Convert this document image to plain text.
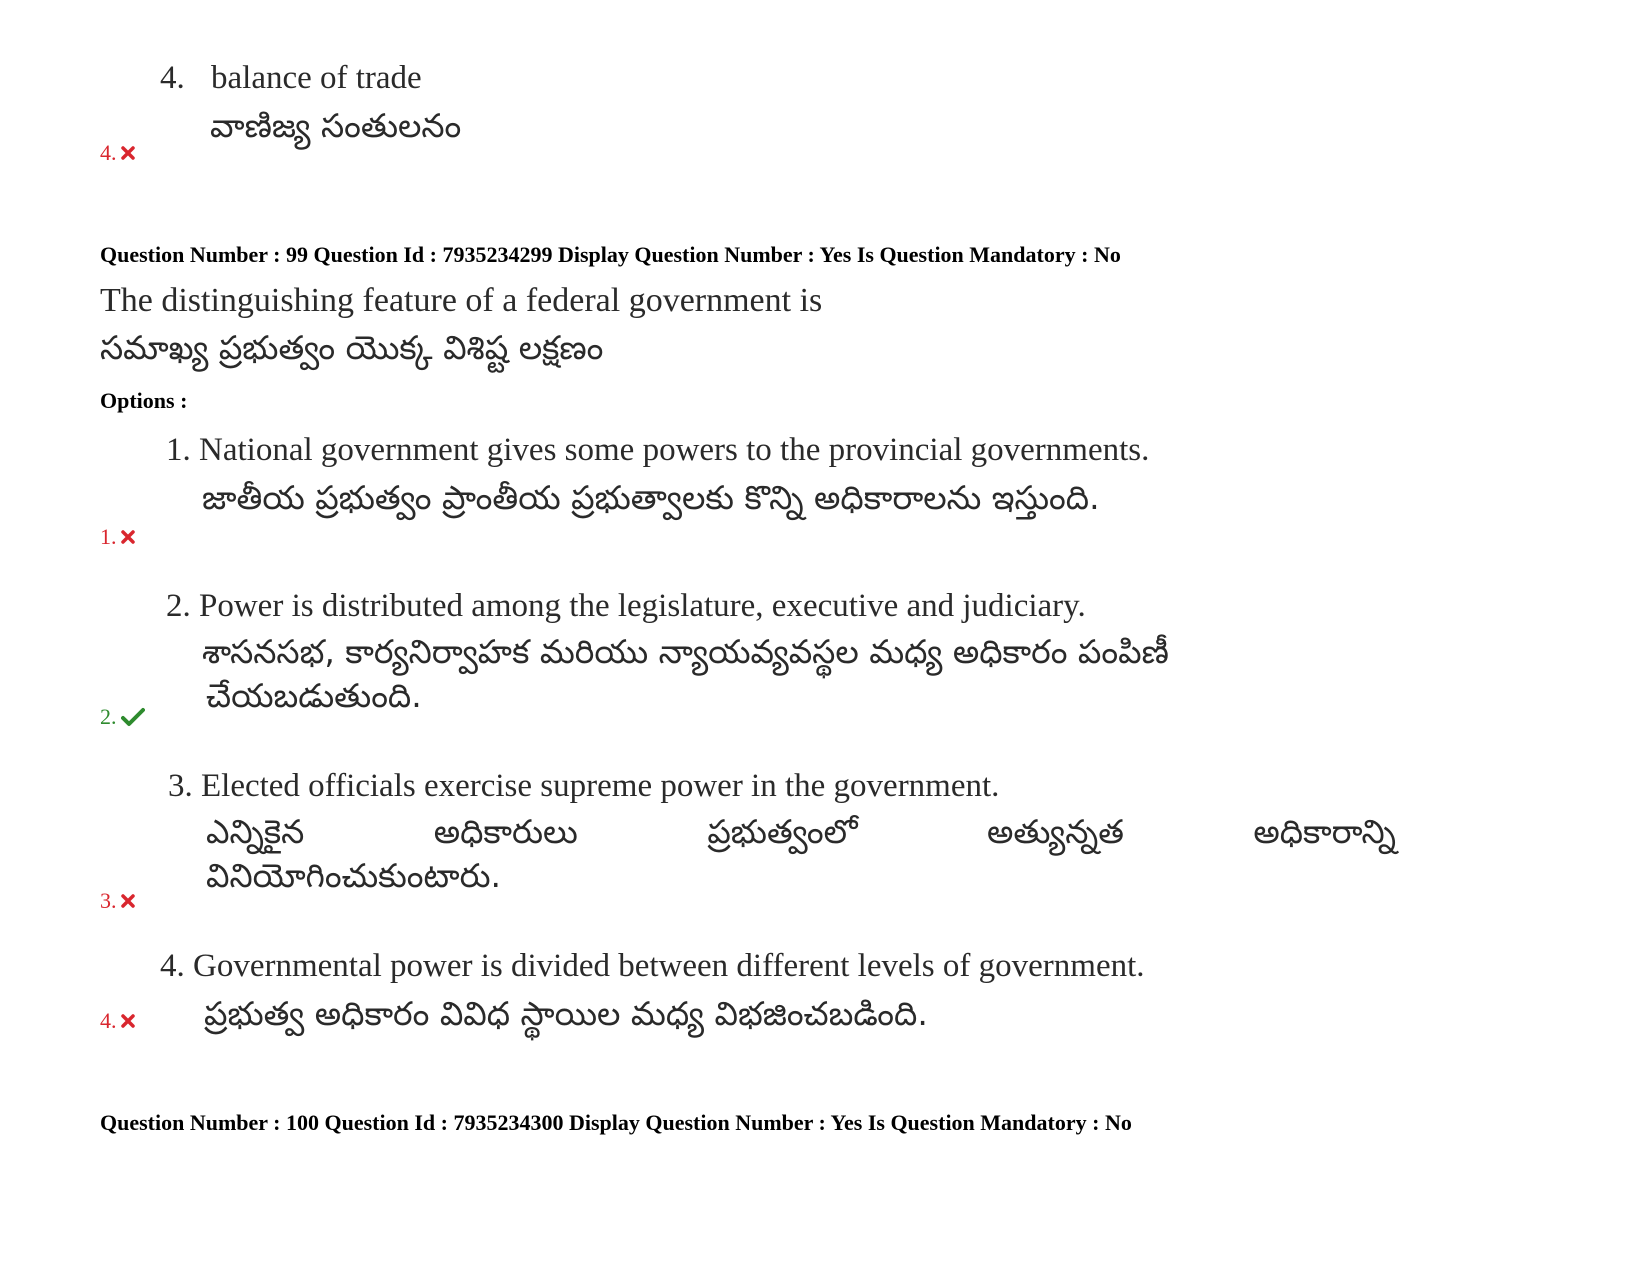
4. balance of trade
వాణిజ్య సంతులనం
4.
Question Number : 99 Question Id : 7935234299 Display Question Number : Yes Is Question Mandatory : No
The distinguishing feature of a federal government is
సమాఖ్య ప్రభుత్వం యొక్క విశిష్ట లక్షణం
Options :
1. National government gives some powers to the provincial governments.
జాతీయ ప్రభుత్వం ప్రాంతీయ ప్రభుత్వాలకు కొన్ని అధికారాలను ఇస్తుంది.
1.
2. Power is distributed among the legislature, executive and judiciary.
శాసనసభ, కార్యనిర్వాహక మరియు న్యాయవ్యవస్థల మధ్య అధికారం పంపిణీ
చేయబడుతుంది.
2.
3. Elected officials exercise supreme power in the government.
ఎన్నికైన	అధికారులు	ప్రభుత్వంలో	అత్యున్నత	అధికారాన్ని
వినియోగించుకుంటారు.
3.
4. Governmental power is divided between different levels of government.
ప్రభుత్వ అధికారం వివిధ స్థాయిల మధ్య విభజించబడింది.
4.
Question Number : 100 Question Id : 7935234300 Display Question Number : Yes Is Question Mandatory : No
